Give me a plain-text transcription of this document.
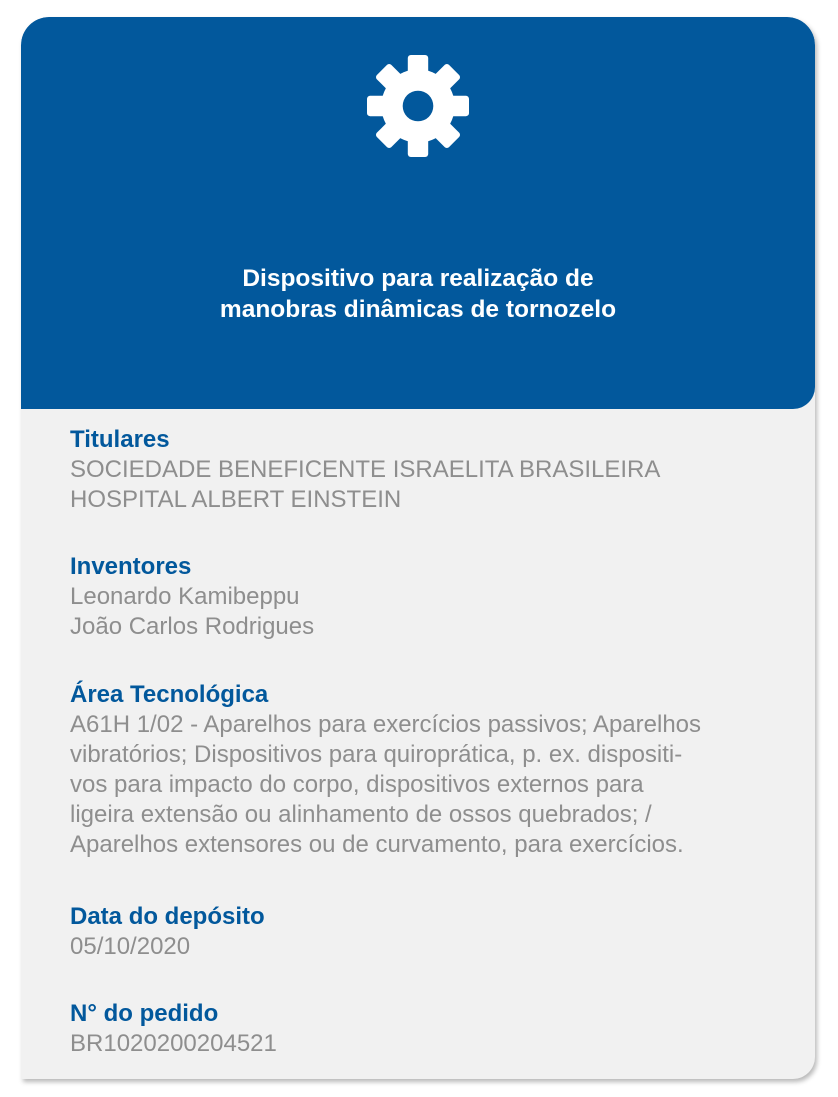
Dispositivo para realização de
manobras dinâmicas de tornozelo

Titulares

SOCIEDADE BENEFICENTE ISRAELITA BRASILEIRA
HOSPITAL ALBERT EINSTEIN

Inventores

Leonardo Kamibeppu
João Carlos Rodrigues

Área Tecnológica

A61H 1/02 - Aparelhos para exercícios passivos; Aparelhos
vibratórios; Dispositivos para quiroprática, p. ex. dispositi-
vos para impacto do corpo, dispositivos externos para
ligeira extensão ou alinhamento de ossos quebrados; /
Aparelhos extensores ou de curvamento, para exercícios.

Data do depósito

05/10/2020

N° do pedido

BR1020200204521
